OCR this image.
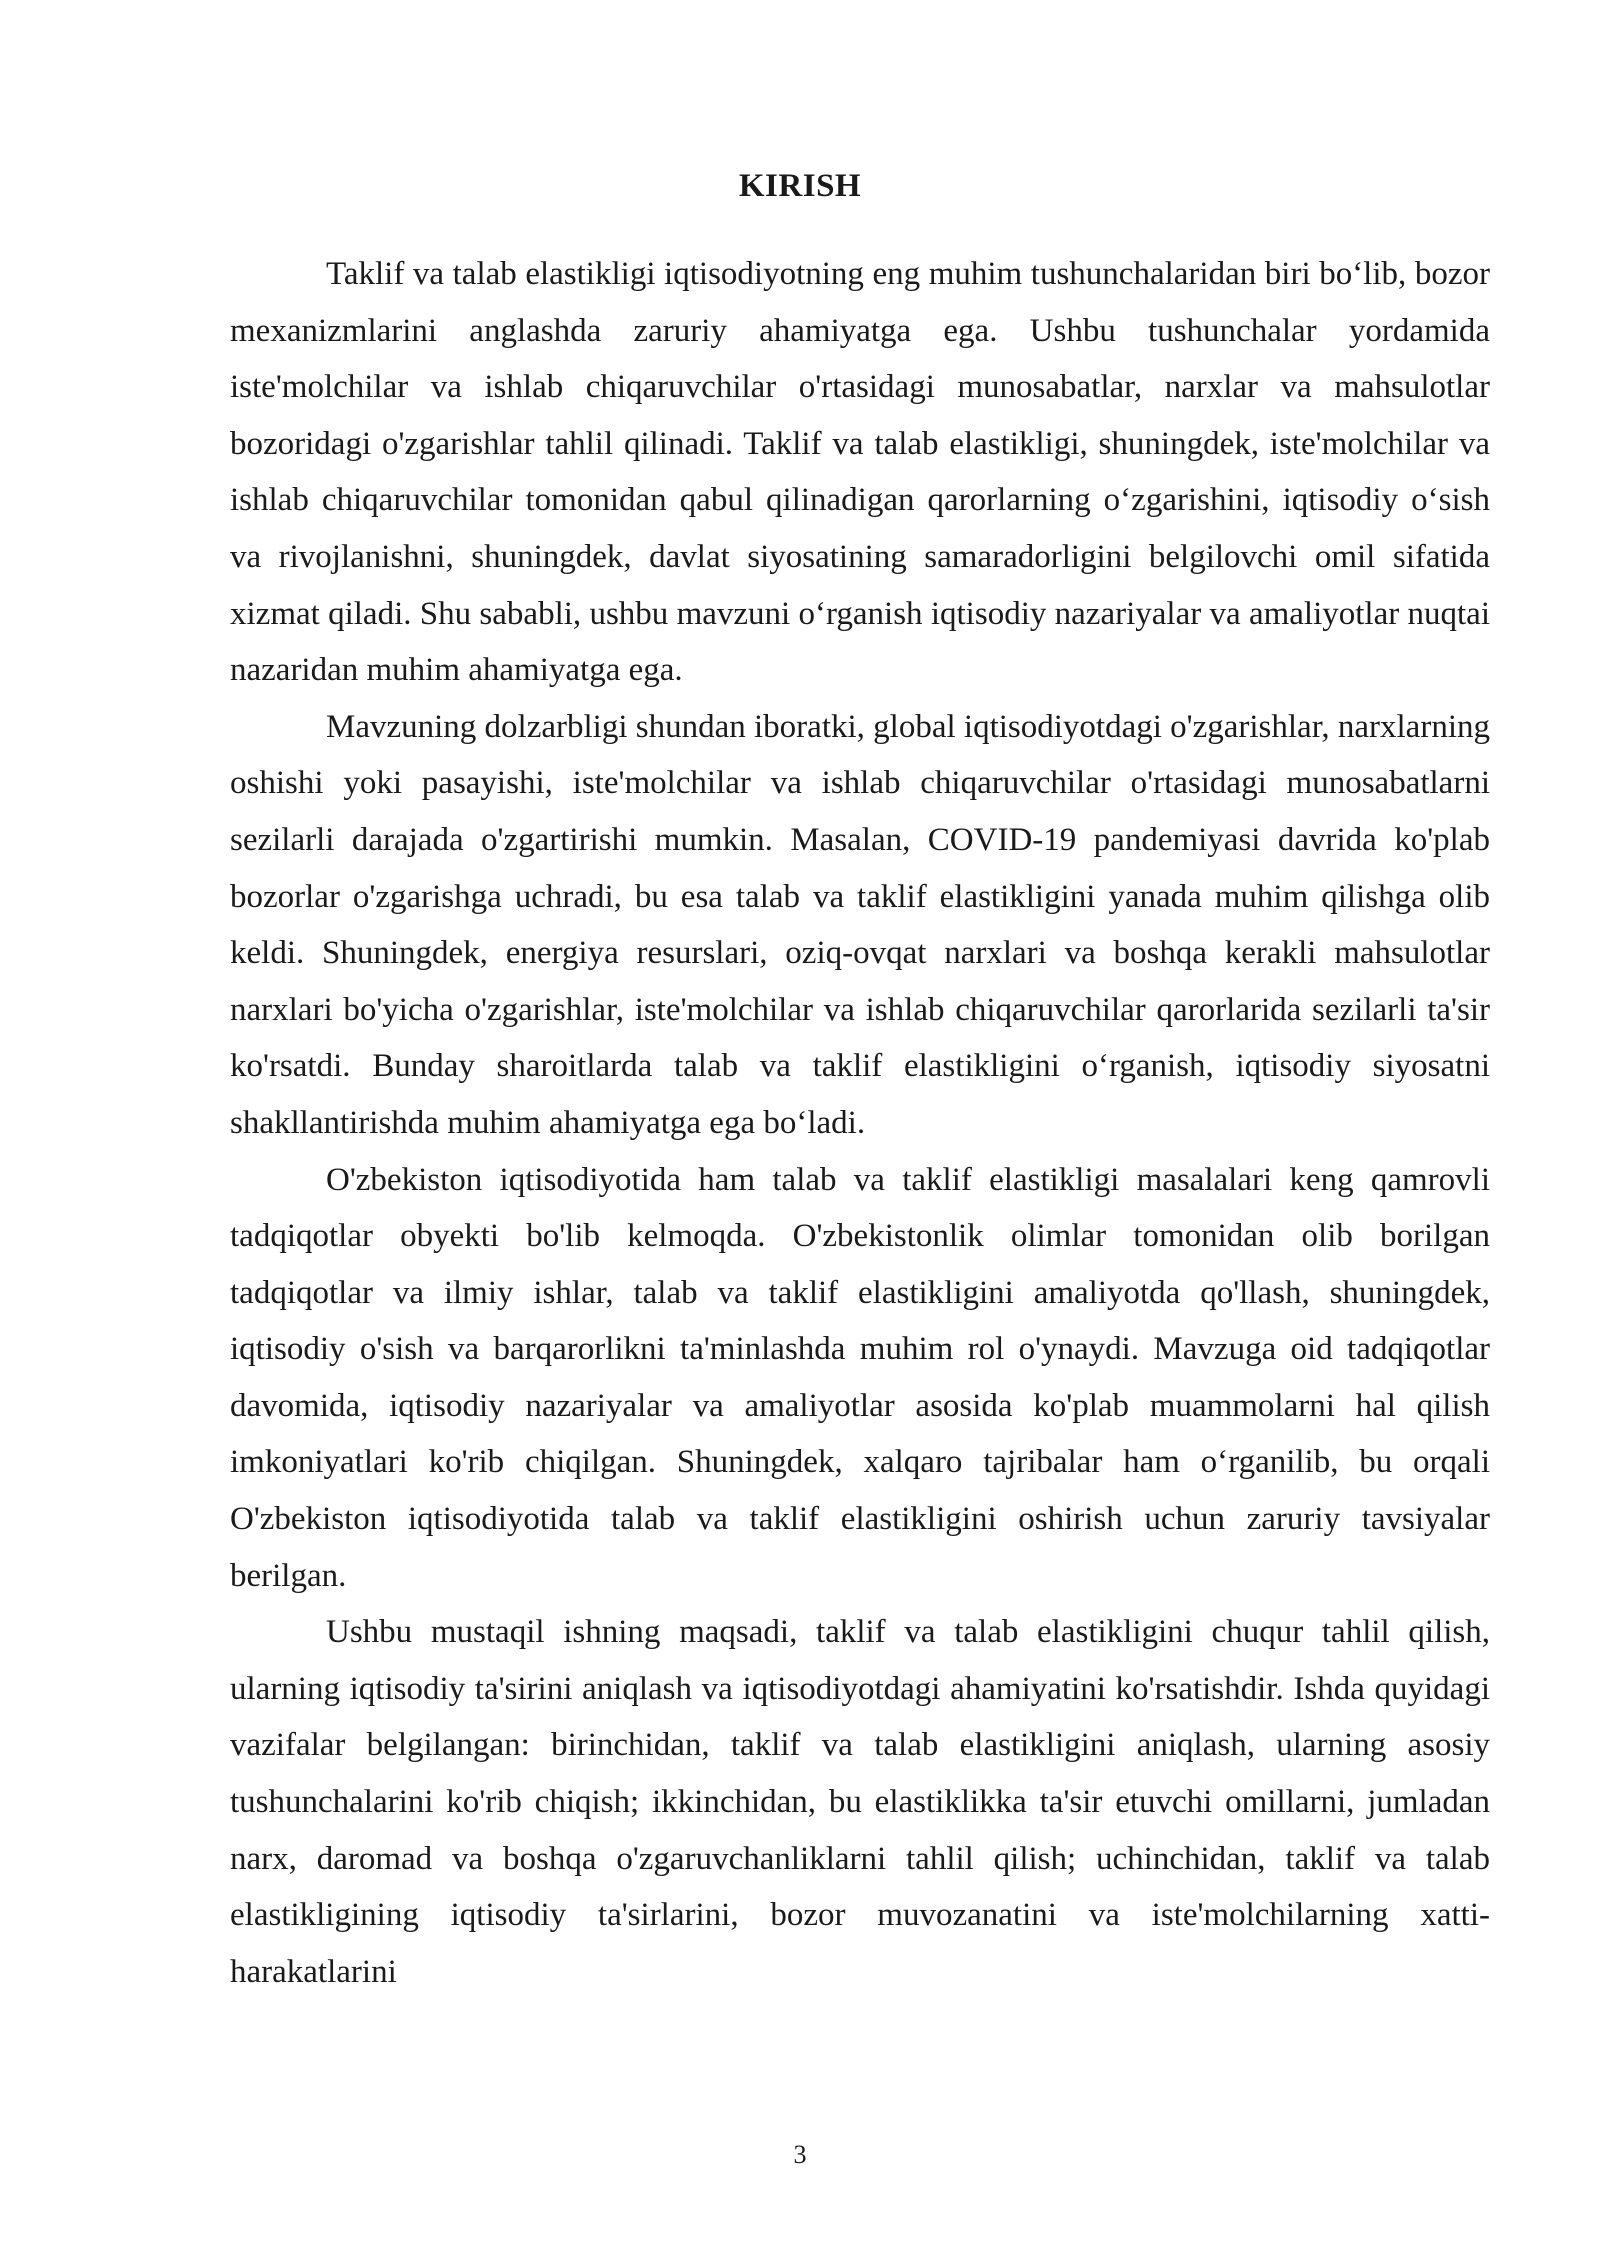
KIRISH

Taklif va talab elastikligi iqtisodiyotning eng muhim tushunchalaridan biri bo‘lib, bozor mexanizmlarini anglashda zaruriy ahamiyatga ega. Ushbu tushunchalar yordamida iste'molchilar va ishlab chiqaruvchilar o'rtasidagi munosabatlar, narxlar va mahsulotlar bozoridagi o'zgarishlar tahlil qilinadi. Taklif va talab elastikligi, shuningdek, iste'molchilar va ishlab chiqaruvchilar tomonidan qabul qilinadigan qarorlarning o‘zgarishini, iqtisodiy o‘sish va rivojlanishni, shuningdek, davlat siyosatining samaradorligini belgilovchi omil sifatida xizmat qiladi. Shu sababli, ushbu mavzuni o‘rganish iqtisodiy nazariyalar va amaliyotlar nuqtai nazaridan muhim ahamiyatga ega.

Mavzuning dolzarbligi shundan iboratki, global iqtisodiyotdagi o'zgarishlar, narxlarning oshishi yoki pasayishi, iste'molchilar va ishlab chiqaruvchilar o'rtasidagi munosabatlarni sezilarli darajada o'zgartirishi mumkin. Masalan, COVID-19 pandemiyasi davrida ko'plab bozorlar o'zgarishga uchradi, bu esa talab va taklif elastikligini yanada muhim qilishga olib keldi. Shuningdek, energiya resurslari, oziq-ovqat narxlari va boshqa kerakli mahsulotlar narxlari bo'yicha o'zgarishlar, iste'molchilar va ishlab chiqaruvchilar qarorlarida sezilarli ta'sir ko'rsatdi. Bunday sharoitlarda talab va taklif elastikligini o‘rganish, iqtisodiy siyosatni shakllantirishda muhim ahamiyatga ega bo‘ladi.

O'zbekiston iqtisodiyotida ham talab va taklif elastikligi masalalari keng qamrovli tadqiqotlar obyekti bo'lib kelmoqda. O'zbekistonlik olimlar tomonidan olib borilgan tadqiqotlar va ilmiy ishlar, talab va taklif elastikligini amaliyotda qo'llash, shuningdek, iqtisodiy o'sish va barqarorlikni ta'minlashda muhim rol o'ynaydi. Mavzuga oid tadqiqotlar davomida, iqtisodiy nazariyalar va amaliyotlar asosida ko'plab muammolarni hal qilish imkoniyatlari ko'rib chiqilgan. Shuningdek, xalqaro tajribalar ham o‘rganilib, bu orqali O'zbekiston iqtisodiyotida talab va taklif elastikligini oshirish uchun zaruriy tavsiyalar berilgan.

Ushbu mustaqil ishning maqsadi, taklif va talab elastikligini chuqur tahlil qilish, ularning iqtisodiy ta'sirini aniqlash va iqtisodiyotdagi ahamiyatini ko'rsatishdir. Ishda quyidagi vazifalar belgilangan: birinchidan, taklif va talab elastikligini aniqlash, ularning asosiy tushunchalarini ko'rib chiqish; ikkinchidan, bu elastiklikka ta'sir etuvchi omillarni, jumladan narx, daromad va boshqa o'zgaruvchanliklarni tahlil qilish; uchinchidan, taklif va talab elastikligining iqtisodiy ta'sirlarini, bozor muvozanatini va iste'molchilarning xatti-harakatlarini

3
